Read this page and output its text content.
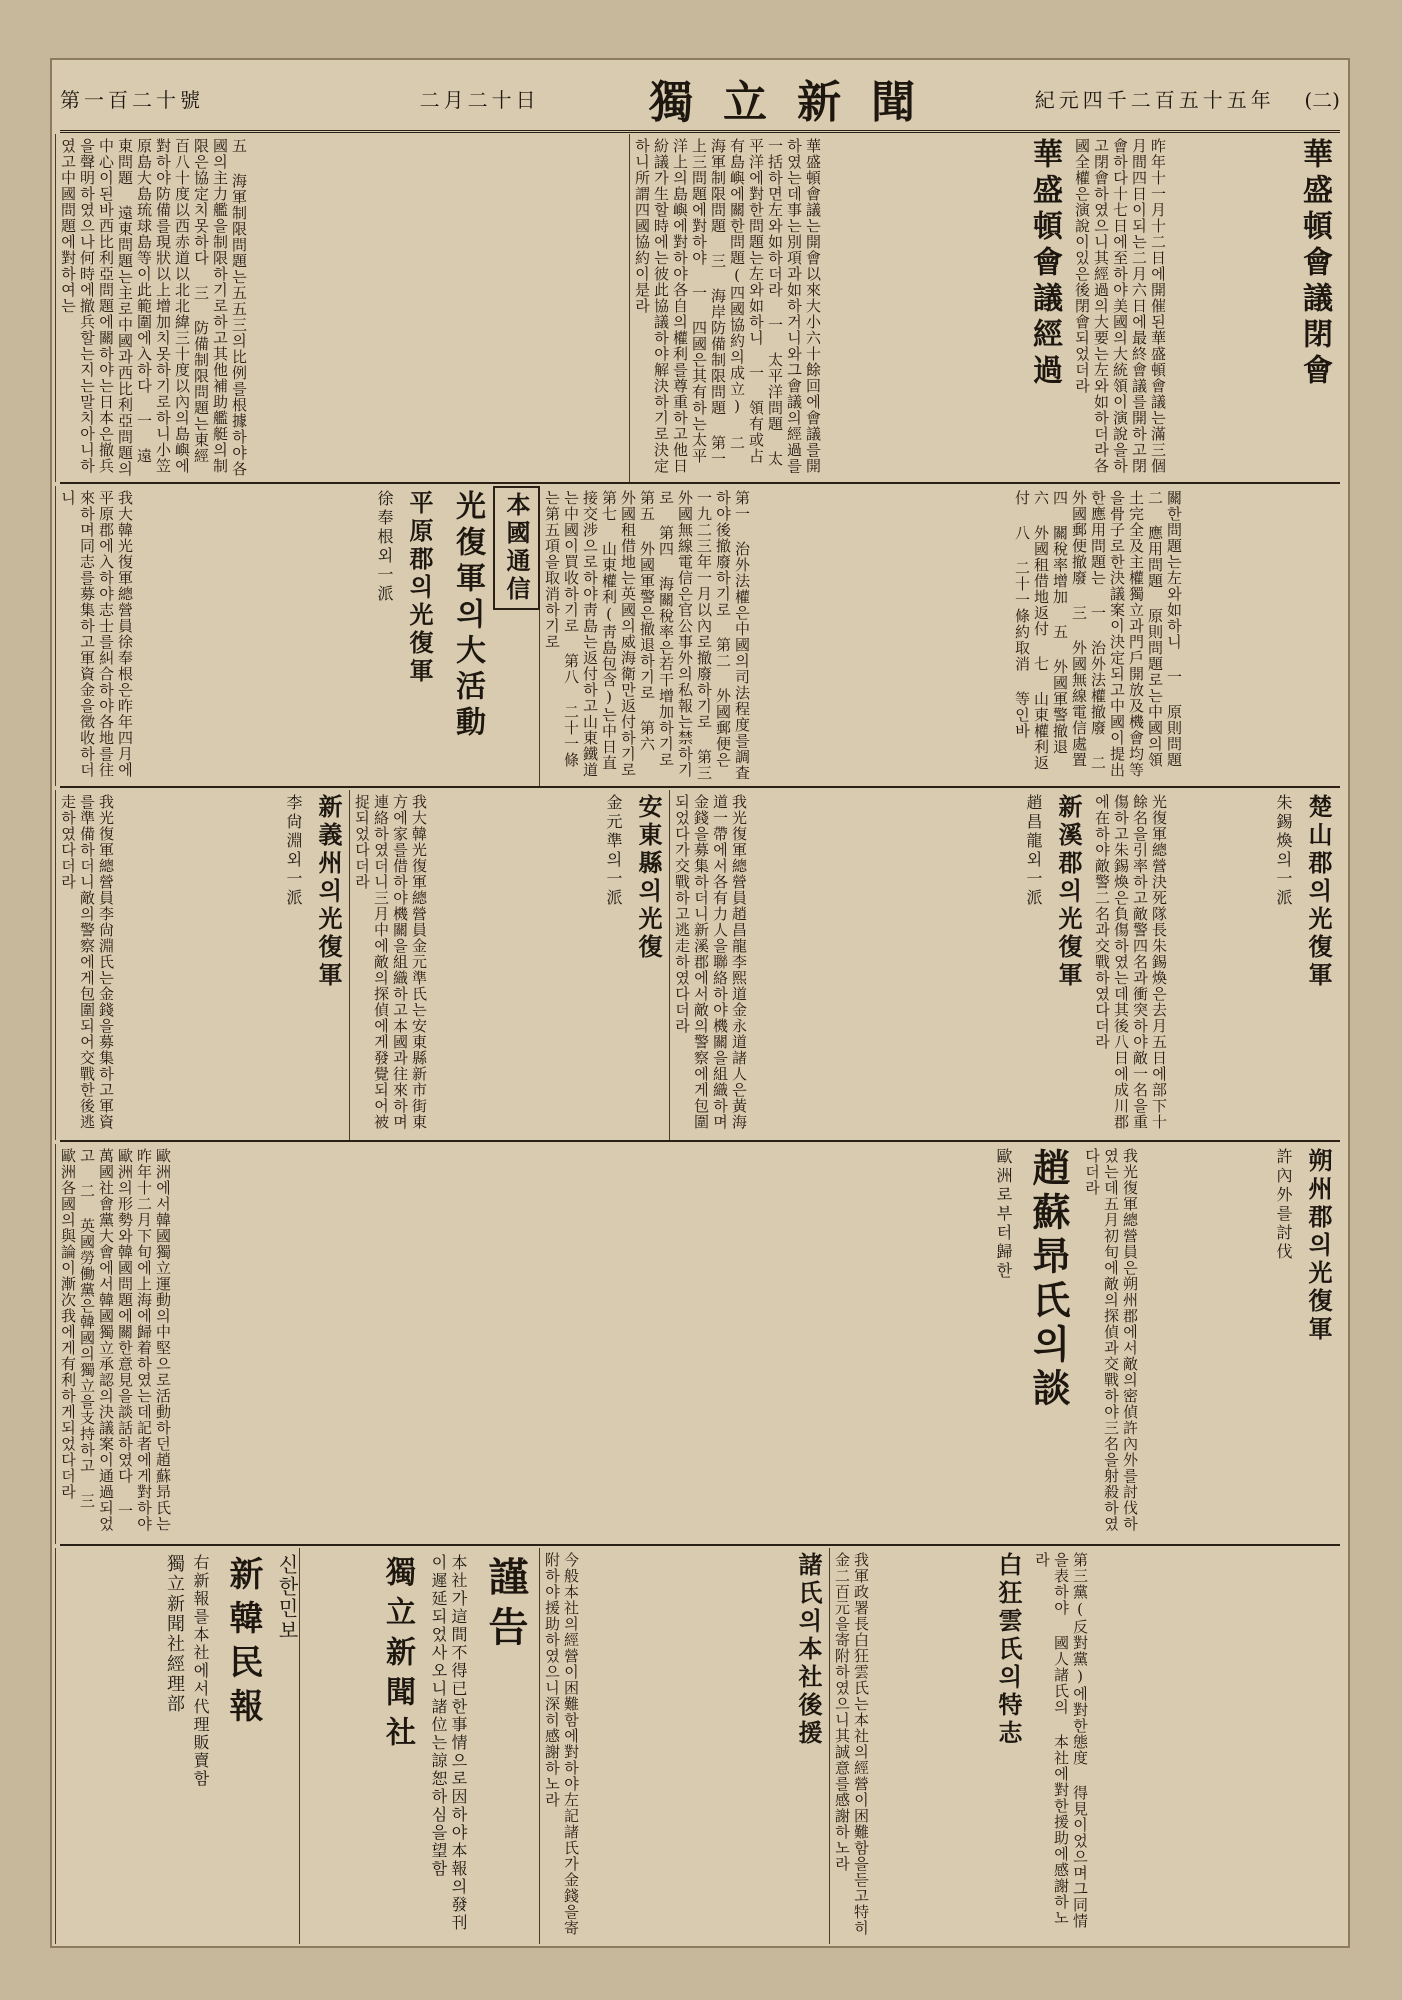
第一百二十號	二月二十日	獨立新聞	紀元四千二百五十五年 (二)
華盛頓會議閉會
昨年十一月十二日에開催된華盛頓會議는滿三個月間四日이되는二月六日에最終會議를開하고閉會하다十七日에至하야美國의大統領이演說을하고閉會하였으니其經過의大要는左와如하더라各國全權은演說이있은後閉會되었더라
華盛頓會議經過
華盛頓會議는開會以來大小六十餘回에會議를開하였는데事는別項과如하거니와그會議의經過를一括하면左와如하더라 一 太平洋問題 太平洋에對한問題는左와如하니 一 領有或占有島嶼에關한問題(四國協約의成立) 二 海軍制限問題 三 海岸防備制限問題 第一 上三問題에對하야 一 四國은其有하는太平洋上의島嶼에對하야各自의權利를尊重하고他日紛議가生할時에는彼此協議하야解決하기로決定하니所謂四國協約이是라
五 海軍制限問題는五五三의比例를根據하야各國의主力艦을制限하기로하고其他補助艦艇의制限은協定치못하다 三 防備制限問題는東經百八十度以西赤道以北北緯三十度以內의島嶼에對하야防備를現狀以上增加치못하기로하니小笠原島大島琉球島等이此範圍에入하다 一 遠東問題 遠東問題는主로中國과西比利亞問題의中心이된바西比利亞問題에關하야는日本은撤兵을聲明하였으나何時에撤兵할는지는말치아니하였고中國問題에對하여는
關한問題는左와如하니 一 原則問題 二 應用問題 原則問題로는中國의領土完全及主權獨立과門戶開放及機會均等을骨子로한決議案이決定되고中國이提出한應用問題는 一 治外法權撤廢 二 外國郵便撤廢 三 外國無線電信處置 四 關稅率增加 五 外國軍警撤退 六 外國租借地返付 七 山東權利返付 八 二十一條約取消 等인바
第一 治外法權은中國의司法程度를調査하야後撤廢하기로 第二 外國郵便은一九二三年一月以內로撤廢하기로 第三 外國無線電信은官公事外의私報는禁하기로 第四 海關稅率은若干增加하기로 第五 外國軍警은撤退하기로 第六 外國租借地는英國의威海衛만返付하기로 第七 山東權利(靑島包含)는中日直接交涉으로하야靑島는返付하고山東鐵道는中國이買收하기로 第八 二十一條는第五項을取消하기로
本國通信
光復軍의大活動
平原郡의光復軍
徐奉根외一派
我大韓光復軍總營員徐奉根은昨年四月에平原郡에入하야志士를糾合하야各地를往來하며同志를募集하고軍資金을徵收하더니
楚山郡의光復軍
朱錫煥의一派
光復軍總營決死隊長朱錫煥은去月五日에部下十餘名을引率하고敵警四名과衝突하야敵一名을重傷하고朱錫煥은負傷하였는데其後八日에成川郡에在하야敵警二名과交戰하였다더라
新溪郡의光復軍
趙昌龍외一派
我光復軍總營員趙昌龍李熙道金永道諸人은黃海道一帶에서各有力人을聯絡하야機關을組織하며金錢을募集하더니新溪郡에서敵의警察에게包圍되었다가交戰하고逃走하였다더라
安東縣의光復
金元準의一派
我大韓光復軍總營員金元準氏는安東縣新市街東方에家를借하야機關을組織하고本國과往來하며連絡하였더니三月中에敵의探偵에게發覺되어被捉되었다더라
新義州의光復軍
李尙淵외一派
我光復軍總營員李尙淵氏는金錢을募集하고軍資를準備하더니敵의警察에게包圍되어交戰한後逃走하였다더라
朔州郡의光復軍
許內外를討伐
我光復軍總營員은朔州郡에서敵의密偵許內外를討伐하였는데五月初旬에敵의探偵과交戰하야三名을射殺하였다더라
趙蘇昻氏의談
歐洲로부터歸한
歐洲에서韓國獨立運動의中堅으로活動하던趙蘇昻氏는昨年十二月下旬에上海에歸着하였는데記者에게對하야歐洲의形勢와韓國問題에關한意見을談話하였다 一 萬國社會黨大會에서韓國獨立承認의決議案이通過되었고 二 英國勞働黨은韓國의獨立을支持하고 三 歐洲各國의與論이漸次我에게有利하게되었다더라
第三黨(反對黨)에對한態度 得見이었으며그同情을表하야 國人諸氏의 本社에對한援助에感謝하노라
白狂雲氏의特志
我軍政署長白狂雲氏는本社의經營이困難함을듣고特히金二百元을寄附하였으니其誠意를感謝하노라
諸氏의本社後援
今般本社의經營이困難함에對하야左記諸氏가金錢을寄附하야援助하였으니深히感謝하노라
謹告
本社가這間不得已한事情으로因하야本報의發刊이遲延되었사오니諸位는諒恕하심을望함
獨立新聞社
신한민보
新韓民報
右新報를本社에서代理販賣함
獨立新聞社經理部
